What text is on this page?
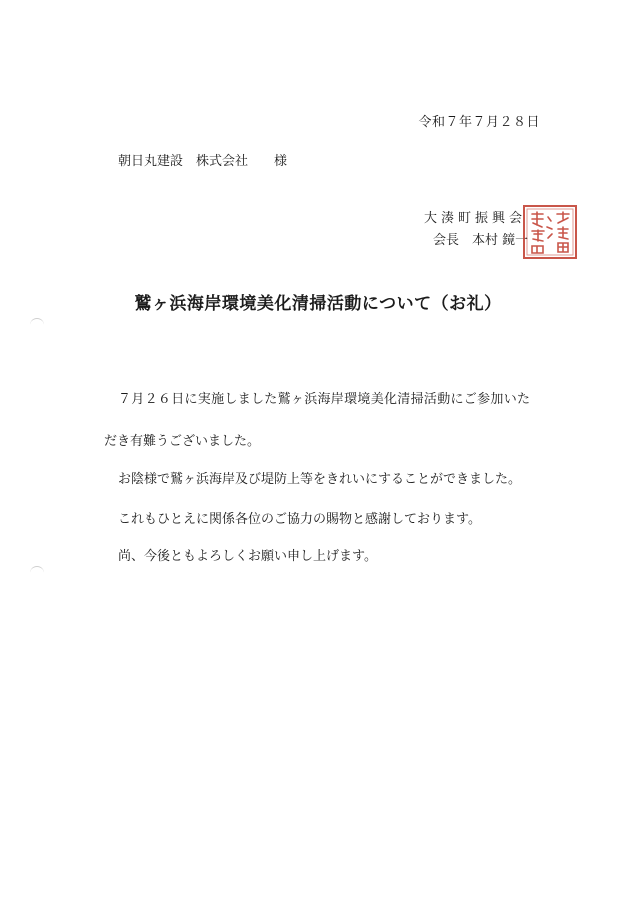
令和７年７月２８日
朝日丸建設　株式会社　　様
大湊町振興会
会長　本村 鏡一
鷲ヶ浜海岸環境美化清掃活動について（お礼）
７月２６日に実施しました鷲ヶ浜海岸環境美化清掃活動にご参加いた
だき有難うございました。
お陰様で鷲ヶ浜海岸及び堤防上等をきれいにすることができました。
これもひとえに関係各位のご協力の賜物と感謝しております。
尚、今後ともよろしくお願い申し上げます。
